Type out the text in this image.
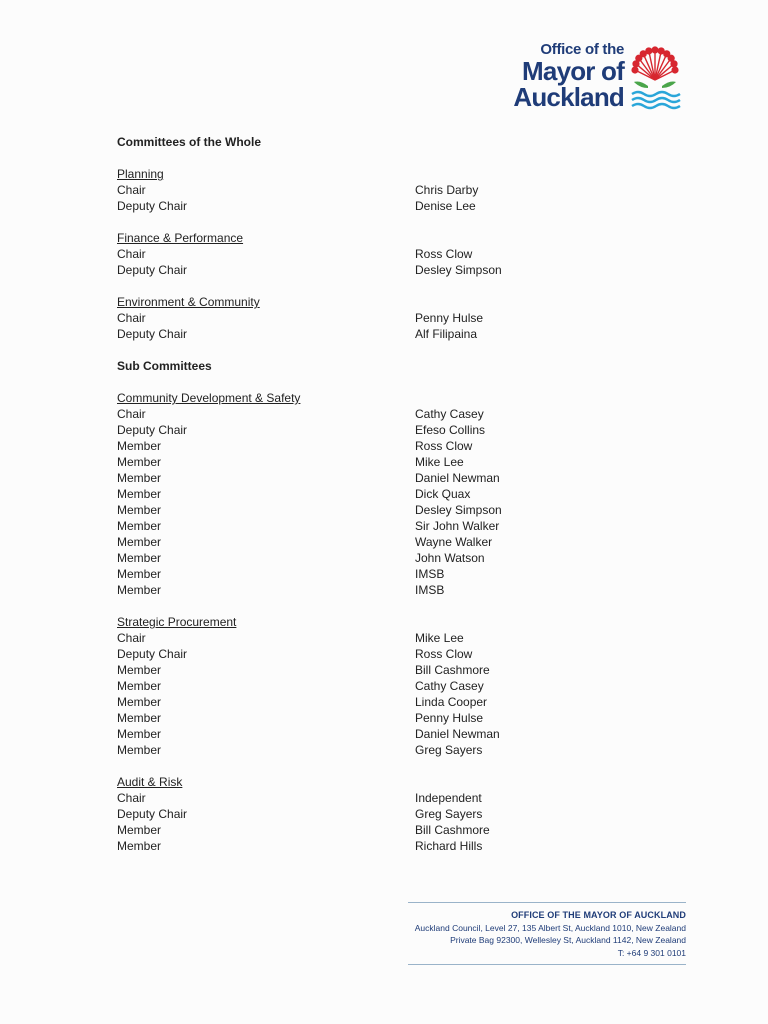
Office of the
Mayor of
Auckland
Committees of the Whole
Planning
Chair	Chris Darby
Deputy Chair	Denise Lee
Finance & Performance
Chair	Ross Clow
Deputy Chair	Desley Simpson
Environment & Community
Chair	Penny Hulse
Deputy Chair	Alf Filipaina
Sub Committees
Community Development & Safety
Chair	Cathy Casey
Deputy Chair	Efeso Collins
Member	Ross Clow
Member	Mike Lee
Member	Daniel Newman
Member	Dick Quax
Member	Desley Simpson
Member	Sir John Walker
Member	Wayne Walker
Member	John Watson
Member	IMSB
Member	IMSB
Strategic Procurement
Chair	Mike Lee
Deputy Chair	Ross Clow
Member	Bill Cashmore
Member	Cathy Casey
Member	Linda Cooper
Member	Penny Hulse
Member	Daniel Newman
Member	Greg Sayers
Audit & Risk
Chair	Independent
Deputy Chair	Greg Sayers
Member	Bill Cashmore
Member	Richard Hills
OFFICE OF THE MAYOR OF AUCKLAND
Auckland Council, Level 27, 135 Albert St, Auckland 1010, New Zealand
Private Bag 92300, Wellesley St, Auckland 1142, New Zealand
T: +64 9 301 0101
